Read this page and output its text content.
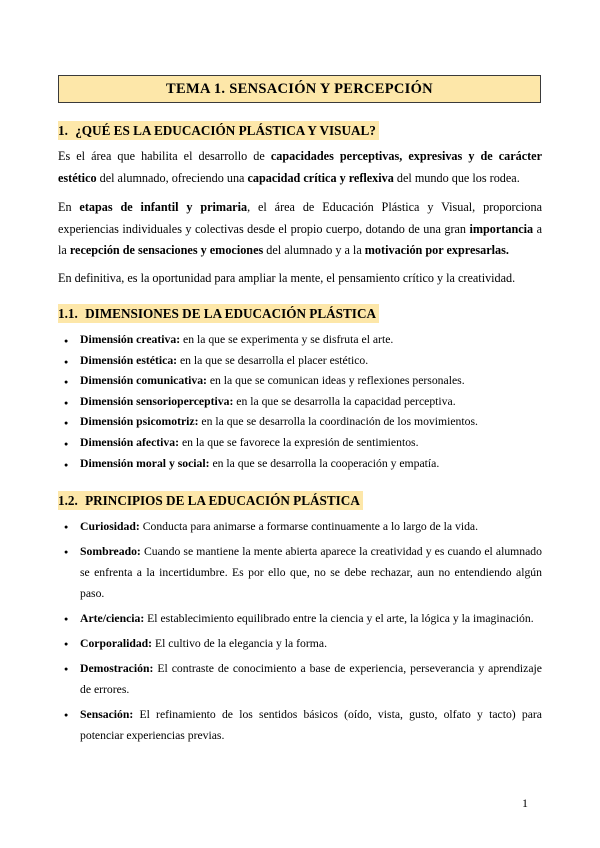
TEMA 1. SENSACIÓN Y PERCEPCIÓN
1. ¿QUÉ ES LA EDUCACIÓN PLÁSTICA Y VISUAL?

Es el área que habilita el desarrollo de capacidades perceptivas, expresivas y de carácter estético del alumnado, ofreciendo una capacidad crítica y reflexiva del mundo que los rodea.

En etapas de infantil y primaria, el área de Educación Plástica y Visual, proporciona experiencias individuales y colectivas desde el propio cuerpo, dotando de una gran importancia a la recepción de sensaciones y emociones del alumnado y a la motivación por expresarlas.

En definitiva, es la oportunidad para ampliar la mente, el pensamiento crítico y la creatividad.

1.1. DIMENSIONES DE LA EDUCACIÓN PLÁSTICA
● Dimensión creativa: en la que se experimenta y se disfruta el arte.
● Dimensión estética: en la que se desarrolla el placer estético.
● Dimensión comunicativa: en la que se comunican ideas y reflexiones personales.
● Dimensión sensorioperceptiva: en la que se desarrolla la capacidad perceptiva.
● Dimensión psicomotriz: en la que se desarrolla la coordinación de los movimientos.
● Dimensión afectiva: en la que se favorece la expresión de sentimientos.
● Dimensión moral y social: en la que se desarrolla la cooperación y empatía.
1.2. PRINCIPIOS DE LA EDUCACIÓN PLÁSTICA
● Curiosidad: Conducta para animarse a formarse continuamente a lo largo de la vida.
● Sombreado: Cuando se mantiene la mente abierta aparece la creatividad y es cuando el alumnado se enfrenta a la incertidumbre. Es por ello que, no se debe rechazar, aun no entendiendo algún paso.
● Arte/ciencia: El establecimiento equilibrado entre la ciencia y el arte, la lógica y la imaginación.
● Corporalidad: El cultivo de la elegancia y la forma.
● Demostración: El contraste de conocimiento a base de experiencia, perseverancia y aprendizaje de errores.
● Sensación: El refinamiento de los sentidos básicos (oído, vista, gusto, olfato y tacto) para potenciar experiencias previas.
1
